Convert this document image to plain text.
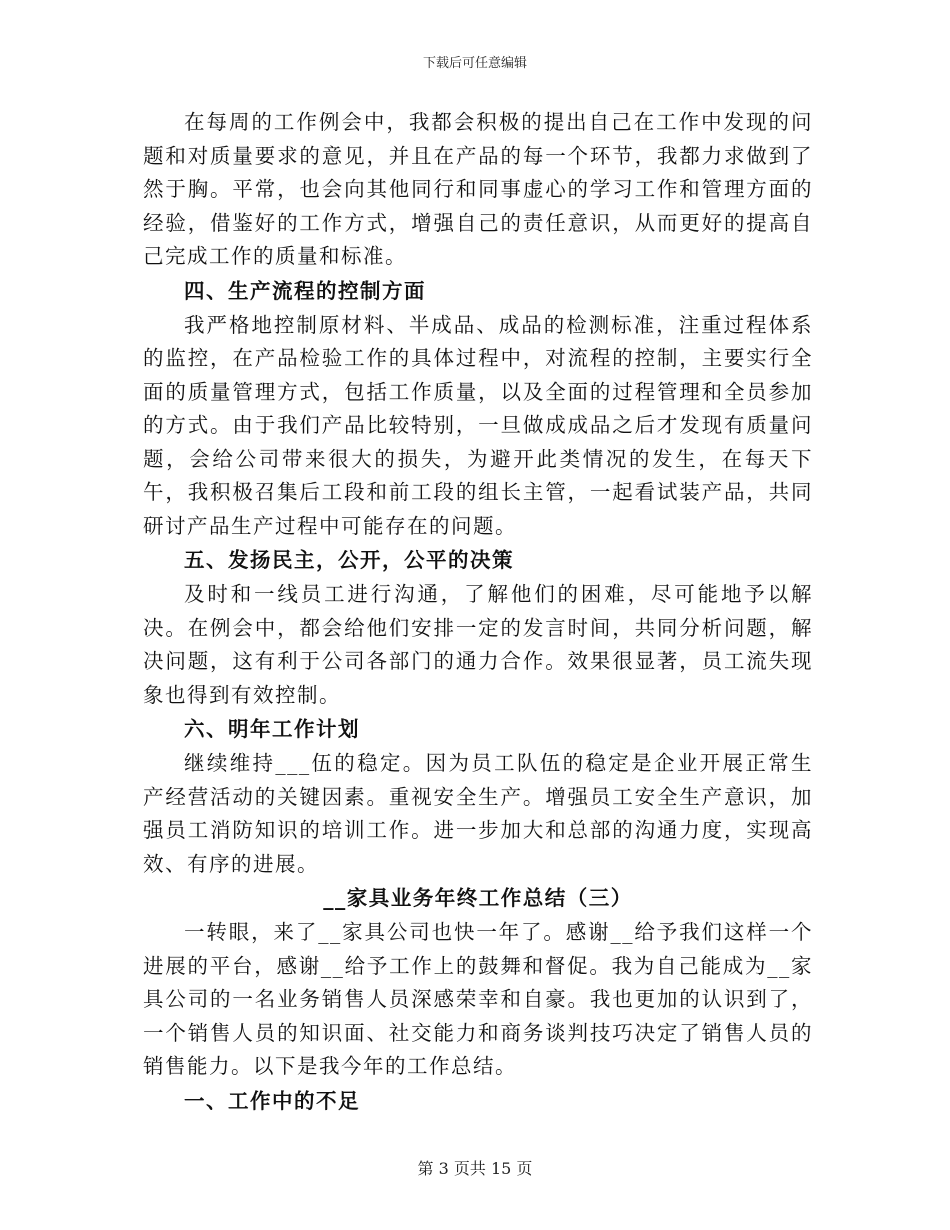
下载后可任意编辑

在每周的工作例会中，我都会积极的提出自己在工作中发现的问题和对质量要求的意见，并且在产品的每一个环节，我都力求做到了然于胸。平常，也会向其他同行和同事虚心的学习工作和管理方面的经验，借鉴好的工作方式，增强自己的责任意识，从而更好的提高自己完成工作的质量和标准。

四、生产流程的控制方面

我严格地控制原材料、半成品、成品的检测标准，注重过程体系的监控，在产品检验工作的具体过程中，对流程的控制，主要实行全面的质量管理方式，包括工作质量，以及全面的过程管理和全员参加的方式。由于我们产品比较特别，一旦做成成品之后才发现有质量问题，会给公司带来很大的损失，为避开此类情况的发生，在每天下午，我积极召集后工段和前工段的组长主管，一起看试装产品，共同研讨产品生产过程中可能存在的问题。

五、发扬民主，公开，公平的决策

及时和一线员工进行沟通，了解他们的困难，尽可能地予以解决。在例会中，都会给他们安排一定的发言时间，共同分析问题，解决问题，这有利于公司各部门的通力合作。效果很显著，员工流失现象也得到有效控制。

六、明年工作计划

继续维持___伍的稳定。因为员工队伍的稳定是企业开展正常生产经营活动的关键因素。重视安全生产。增强员工安全生产意识，加强员工消防知识的培训工作。进一步加大和总部的沟通力度，实现高效、有序的进展。

__家具业务年终工作总结（三）

一转眼，来了__家具公司也快一年了。感谢__给予我们这样一个进展的平台，感谢__给予工作上的鼓舞和督促。我为自己能成为__家具公司的一名业务销售人员深感荣幸和自豪。我也更加的认识到了，一个销售人员的知识面、社交能力和商务谈判技巧决定了销售人员的销售能力。以下是我今年的工作总结。

一、工作中的不足

第 3 页共 15 页
